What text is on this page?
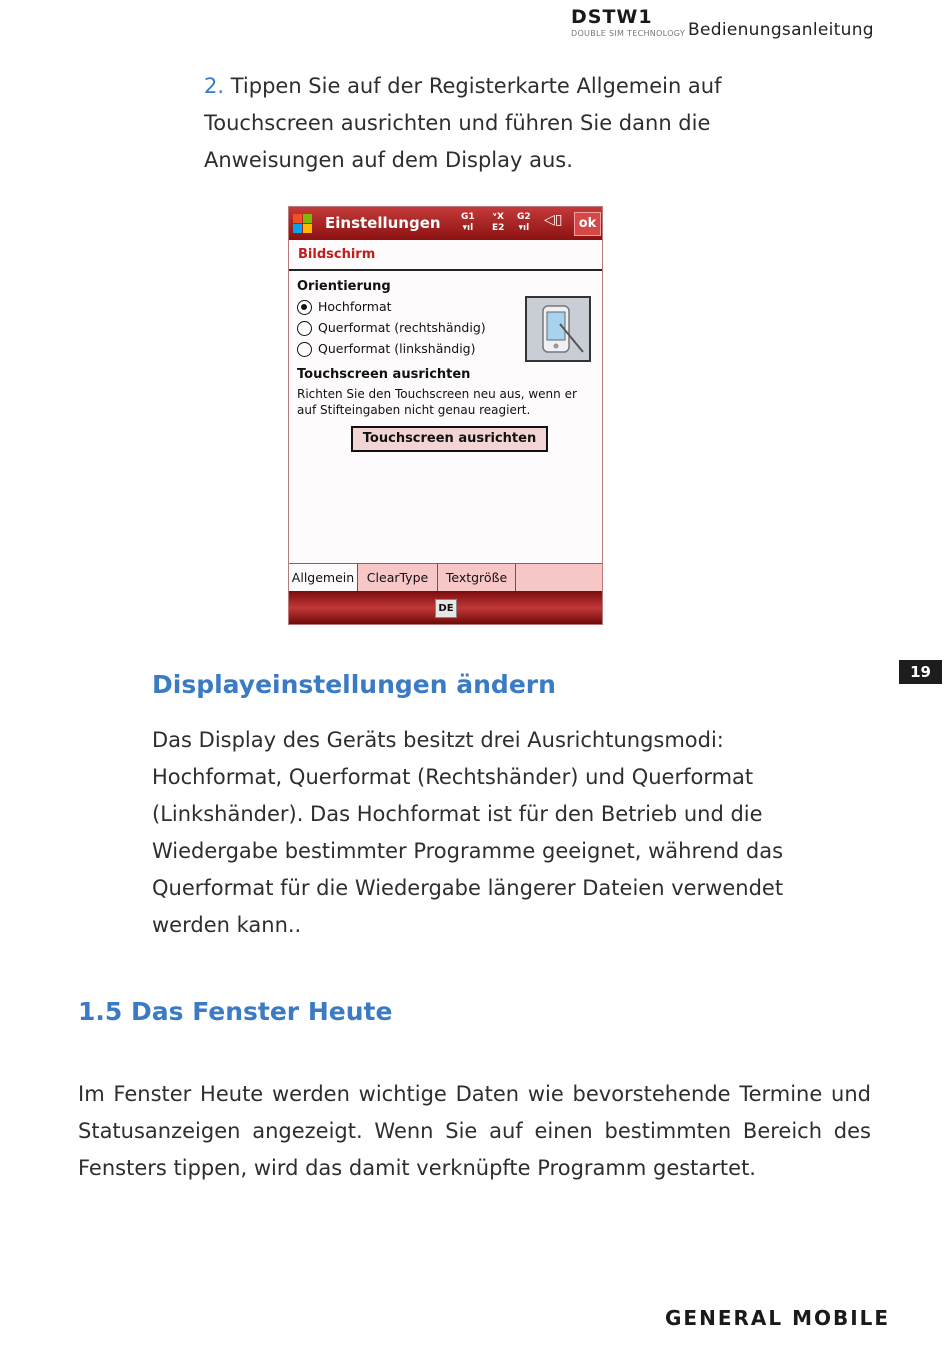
DSTW1
DOUBLE SIM TECHNOLOGY Bedienungsanleitung
2. Tippen Sie auf der Registerkarte Allgemein auf Touchscreen ausrichten und führen Sie dann die Anweisungen auf dem Display aus.
Einstellungen G1
▾ıl
ᵛX
E2
G2
▾ıl ◁▯	ok
Bildschirm
Orientierung
Hochformat
Querformat (rechtshändig)
Querformat (linkshändig)
Touchscreen ausrichten
Richten Sie den Touchscreen neu aus, wenn er auf Stifteingaben nicht genau reagiert.
Touchscreen ausrichten
Allgemein	ClearType	Textgröße
DE
19
Displayeinstellungen ändern
Das Display des Geräts besitzt drei Ausrichtungsmodi: Hochformat, Querformat (Rechtshänder) und Querformat (Linkshänder). Das Hochformat ist für den Betrieb und die Wiedergabe bestimmter Programme geeignet, während das Querformat für die Wiedergabe längerer Dateien verwendet werden kann..
1.5 Das Fenster Heute
Im Fenster Heute werden wichtige Daten wie bevorstehende Termine und Statusanzeigen angezeigt. Wenn Sie auf einen bestimmten Bereich des Fensters tippen, wird das damit verknüpfte Programm gestartet.
GENERAL MOBILE
